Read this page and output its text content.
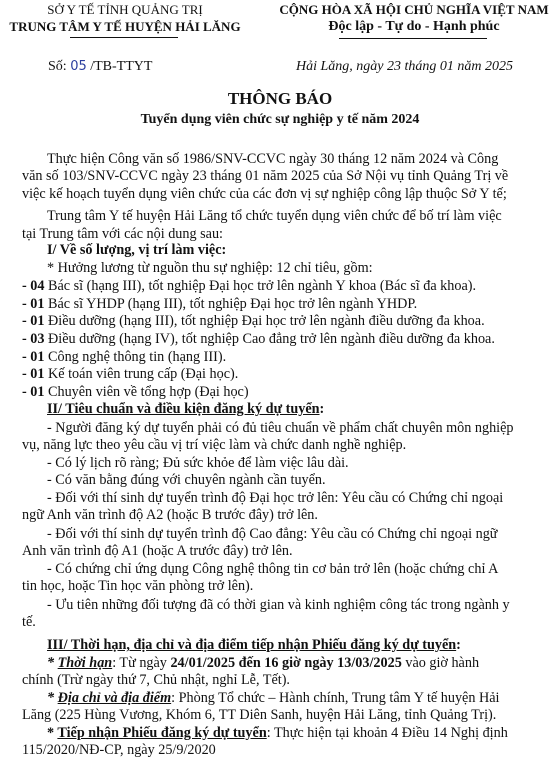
SỞ Y TẾ TỈNH QUẢNG TRỊ
TRUNG TÂM Y TẾ HUYỆN HẢI LĂNG
CỘNG HÒA XÃ HỘI CHỦ NGHĨA VIỆT NAM
Độc lập - Tự do - Hạnh phúc
Số: 05 /TB-TTYT	Hải Lăng, ngày 23 tháng 01 năm 2025
THÔNG BÁO
Tuyển dụng viên chức sự nghiệp y tế năm 2024
Thực hiện Công văn số 1986/SNV-CCVC ngày 30 tháng 12 năm 2024 và Công
văn số 103/SNV-CCVC ngày 23 tháng 01 năm 2025 của Sở Nội vụ tỉnh Quảng Trị về
việc kế hoạch tuyển dụng viên chức của các đơn vị sự nghiệp công lập thuộc Sở Y tế;
Trung tâm Y tế huyện Hải Lăng tổ chức tuyển dụng viên chức để bố trí làm việc
tại Trung tâm với các nội dung sau:
I/ Về số lượng, vị trí làm việc:
* Hưởng lương từ nguồn thu sự nghiệp: 12 chỉ tiêu, gồm:
- 04 Bác sĩ (hạng III), tốt nghiệp Đại học trở lên ngành Y khoa (Bác sĩ đa khoa).
- 01 Bác sĩ YHDP (hạng III), tốt nghiệp Đại học trở lên ngành YHDP.
- 01 Điều dưỡng (hạng III), tốt nghiệp Đại học trở lên ngành điều dưỡng đa khoa.
- 03 Điều dưỡng (hạng IV), tốt nghiệp Cao đẳng trở lên ngành điều dưỡng đa khoa.
- 01 Công nghệ thông tin (hạng III).
- 01 Kế toán viên trung cấp (Đại học).
- 01 Chuyên viên về tổng hợp (Đại học)
II/ Tiêu chuẩn và điều kiện đăng ký dự tuyển:
- Người đăng ký dự tuyển phải có đủ tiêu chuẩn về phẩm chất chuyên môn nghiệp
vụ, năng lực theo yêu cầu vị trí việc làm và chức danh nghề nghiệp.
- Có lý lịch rõ ràng; Đủ sức khỏe để làm việc lâu dài.
- Có văn bằng đúng với chuyên ngành cần tuyển.
- Đối với thí sinh dự tuyển trình độ Đại học trở lên: Yêu cầu có Chứng chỉ ngoại
ngữ Anh văn trình độ A2 (hoặc B trước đây) trở lên.
- Đối với thí sinh dự tuyển trình độ Cao đẳng: Yêu cầu có Chứng chỉ ngoại ngữ
Anh văn trình độ A1 (hoặc A trước đây) trở lên.
- Có chứng chỉ ứng dụng Công nghệ thông tin cơ bản trở lên (hoặc chứng chỉ A
tin học, hoặc Tin học văn phòng trở lên).
- Ưu tiên những đối tượng đã có thời gian và kinh nghiệm công tác trong ngành y
tế.
III/ Thời hạn, địa chỉ và địa điểm tiếp nhận Phiếu đăng ký dự tuyển:
* Thời hạn: Từ ngày 24/01/2025 đến 16 giờ ngày 13/03/2025 vào giờ hành
chính (Trừ ngày thứ 7, Chủ nhật, nghỉ Lễ, Tết).
* Địa chỉ và địa điểm: Phòng Tổ chức – Hành chính, Trung tâm Y tế huyện Hải
Lăng (225 Hùng Vương, Khóm 6, TT Diên Sanh, huyện Hải Lăng, tỉnh Quảng Trị).
* Tiếp nhận Phiếu đăng ký dự tuyển: Thực hiện tại khoản 4 Điều 14 Nghị định
115/2020/NĐ-CP, ngày 25/9/2020
